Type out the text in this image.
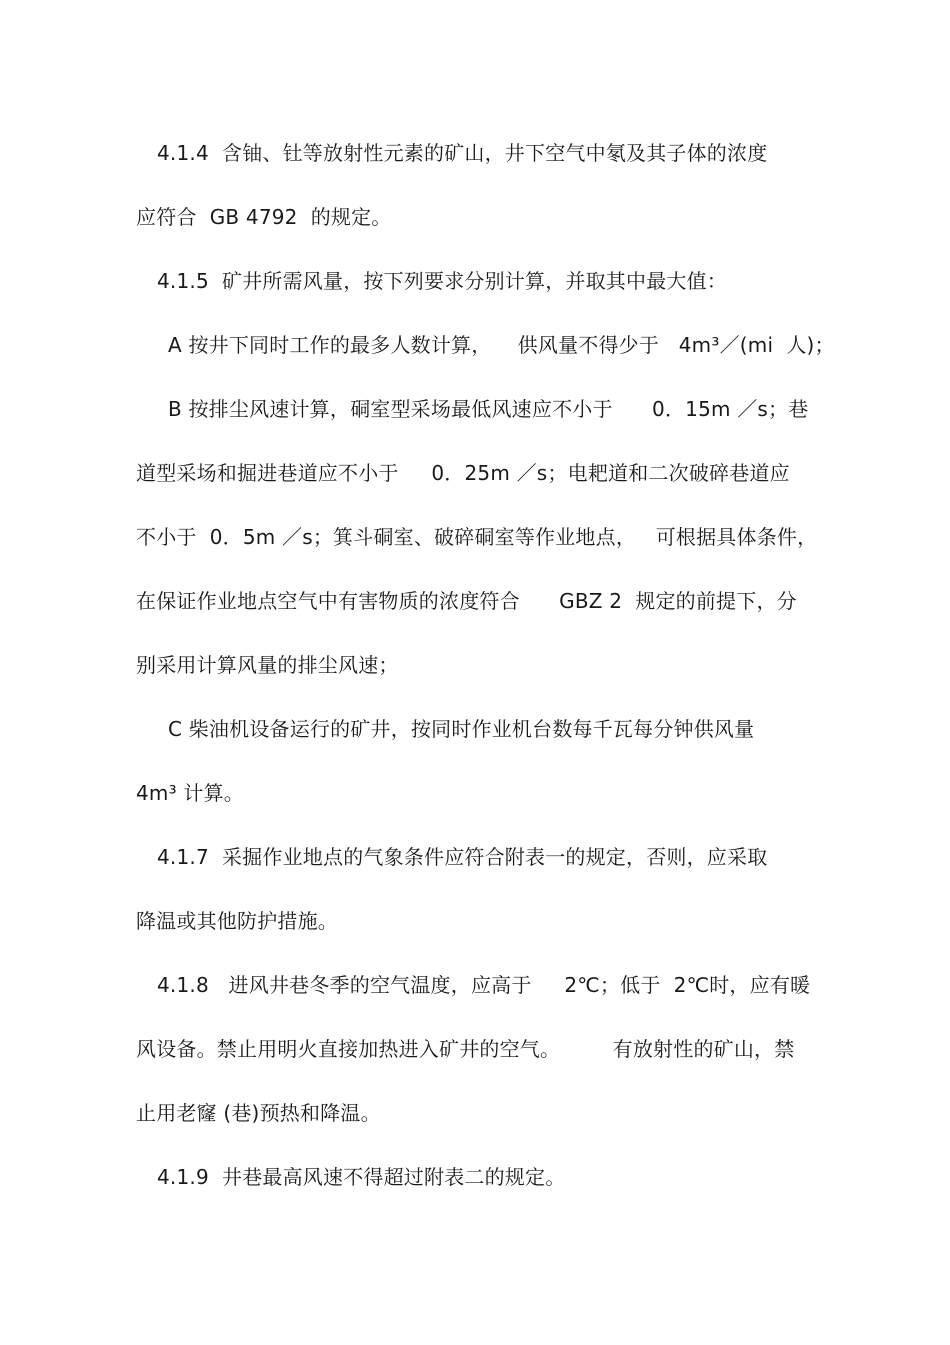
4.1.4  含铀、钍等放射性元素的矿山，井下空气中氡及其子体的浓度
应符合  GB 4792  的规定。
4.1.5  矿井所需风量，按下列要求分别计算，并取其中最大值：
A 按井下同时工作的最多人数计算，    供风量不得少于   4m³／(mi  人)；
B 按排尘风速计算，硐室型采场最低风速应不小于      0．15m ／s；巷
道型采场和掘进巷道应不小于     0．25m ／s；电耙道和二次破碎巷道应
不小于  0．5m ／s；箕斗硐室、破碎硐室等作业地点，   可根据具体条件，
在保证作业地点空气中有害物质的浓度符合      GBZ 2  规定的前提下，分
别采用计算风量的排尘风速；
C 柴油机设备运行的矿井，按同时作业机台数每千瓦每分钟供风量
4m³ 计算。
4.1.7  采掘作业地点的气象条件应符合附表一的规定，否则，应采取
降温或其他防护措施。
4.1.8   进风井巷冬季的空气温度，应高于     2℃；低于  2℃时，应有暖
风设备。禁止用明火直接加热进入矿井的空气。        有放射性的矿山，禁
止用老窿 (巷)预热和降温。
4.1.9  井巷最高风速不得超过附表二的规定。
